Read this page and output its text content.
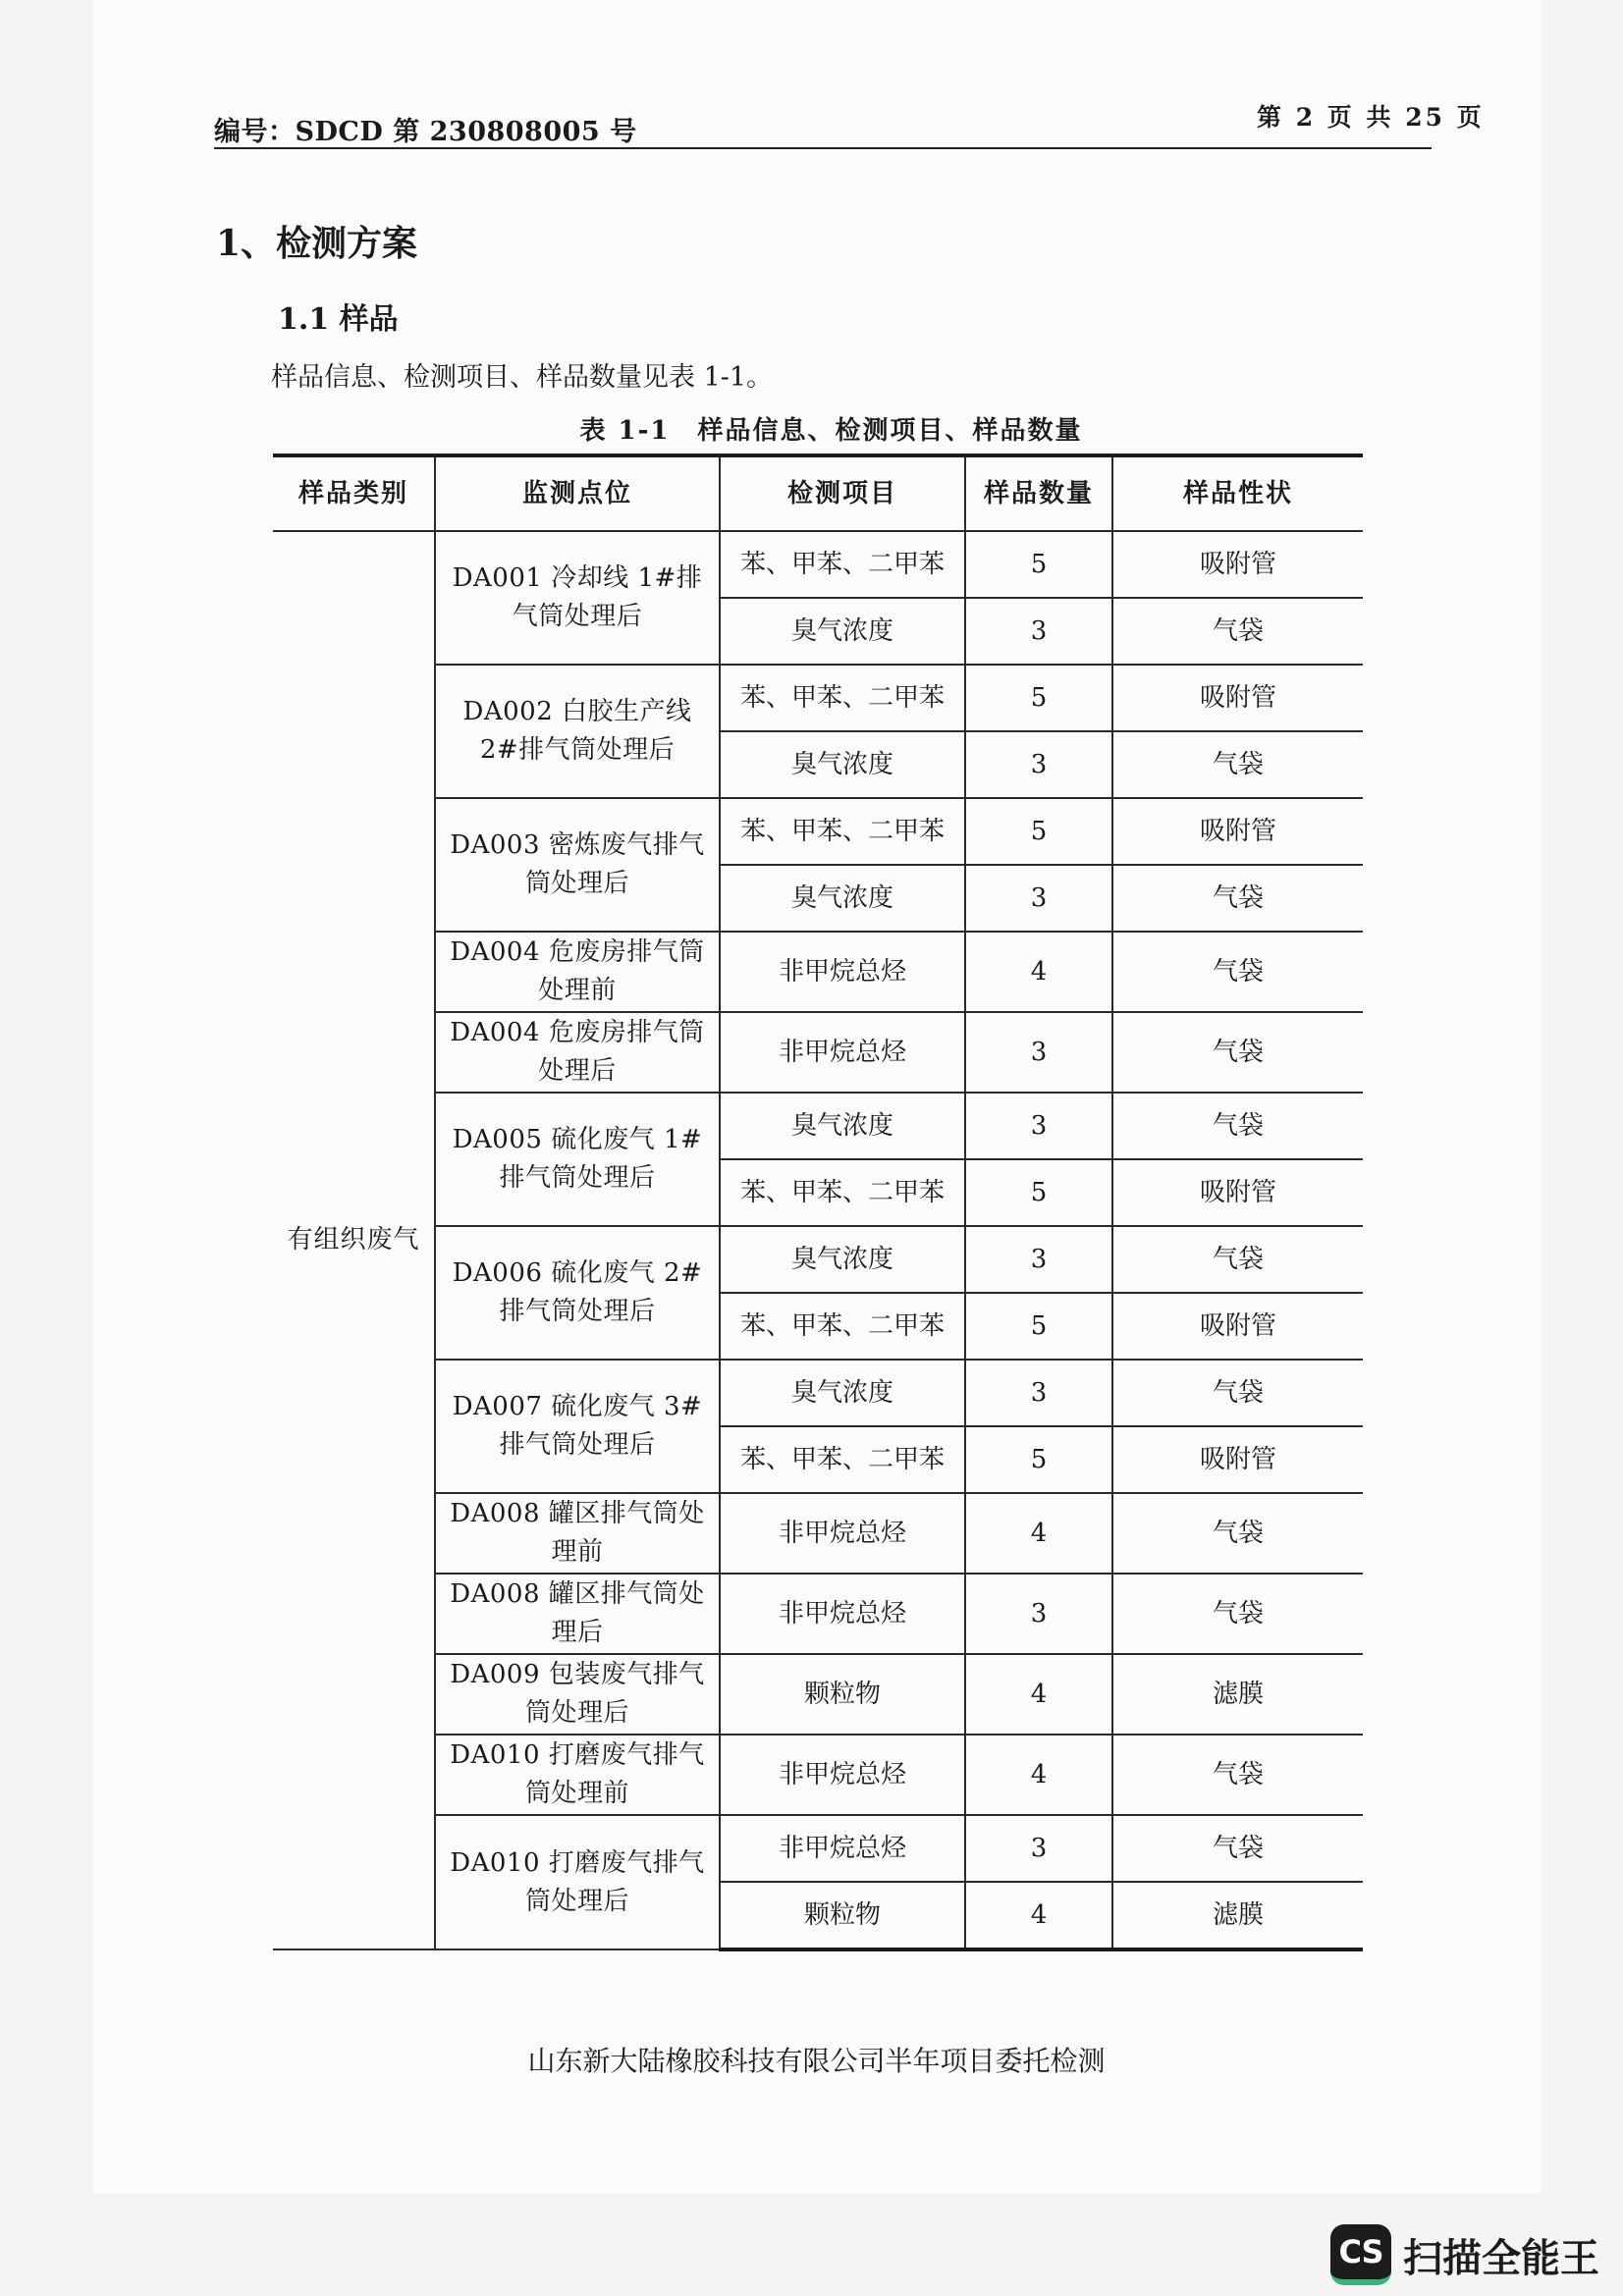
编号：SDCD 第 230808005 号	第 2 页 共 25 页
1、检测方案
1.1 样品
样品信息、检测项目、样品数量见表 1-1。
表 1-1　样品信息、检测项目、样品数量
样品类别	监测点位	检测项目	样品数量	样品性状
有组织废气	DA001 冷却线 1#排气筒处理后	苯、甲苯、二甲苯	5	吸附管
		臭气浓度	3	气袋
	DA002 白胶生产线 2#排气筒处理后	苯、甲苯、二甲苯	5	吸附管
		臭气浓度	3	气袋
	DA003 密炼废气排气筒处理后	苯、甲苯、二甲苯	5	吸附管
		臭气浓度	3	气袋
	DA004 危废房排气筒处理前	非甲烷总烃	4	气袋
	DA004 危废房排气筒处理后	非甲烷总烃	3	气袋
	DA005 硫化废气 1#排气筒处理后	臭气浓度	3	气袋
		苯、甲苯、二甲苯	5	吸附管
	DA006 硫化废气 2#排气筒处理后	臭气浓度	3	气袋
		苯、甲苯、二甲苯	5	吸附管
	DA007 硫化废气 3#排气筒处理后	臭气浓度	3	气袋
		苯、甲苯、二甲苯	5	吸附管
	DA008 罐区排气筒处理前	非甲烷总烃	4	气袋
	DA008 罐区排气筒处理后	非甲烷总烃	3	气袋
	DA009 包装废气排气筒处理后	颗粒物	4	滤膜
	DA010 打磨废气排气筒处理前	非甲烷总烃	4	气袋
	DA010 打磨废气排气筒处理后	非甲烷总烃	3	气袋
		颗粒物	4	滤膜
山东新大陆橡胶科技有限公司半年项目委托检测
CS 扫描全能王
